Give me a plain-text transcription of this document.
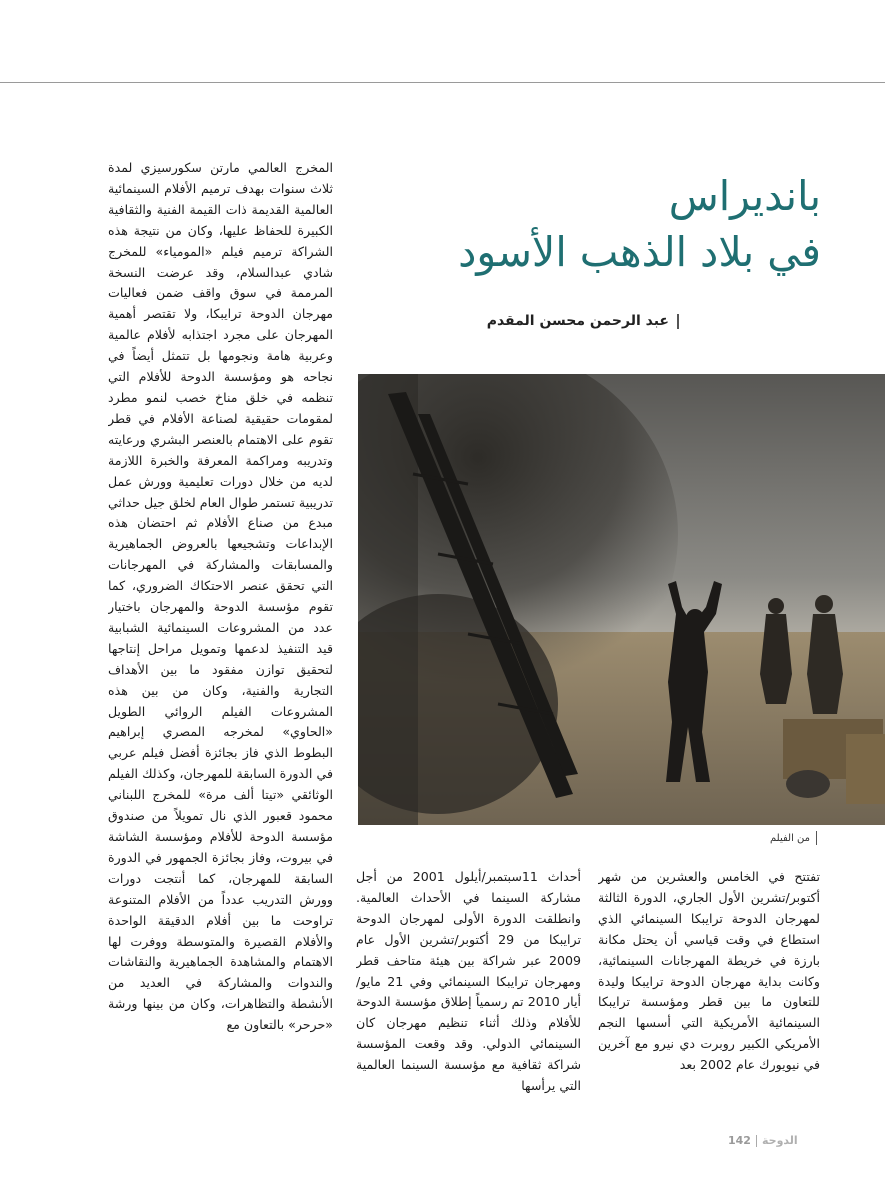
بانديراس
في بلاد الذهب الأسود
عبد الرحمن محسن المقدم
من الفيلم

تفتتح في الخامس والعشرين من شهر أكتوبر/تشرين الأول الجاري، الدورة الثالثة لمهرجان الدوحة ترايبكا السينمائي الذي استطاع في وقت قياسي أن يحتل مكانة بارزة في خريطة المهرجانات السينمائية، وكانت بداية مهرجان الدوحة ترايبكا وليدة للتعاون ما بين قطر ومؤسسة ترايبكا السينمائية الأمريكية التي أسسها النجم الأمريكي الكبير روبرت دي نيرو مع آخرين في نيويورك عام 2002 بعد

أحداث 11سبتمبر/أيلول 2001 من أجل مشاركة السينما في الأحداث العالمية. وانطلقت الدورة الأولى لمهرجان الدوحة ترايبكا من 29 أكتوبر/تشرين الأول عام 2009 عبر شراكة بين هيئة متاحف قطر ومهرجان ترايبكا السينمائي وفي 21 مايو/أيار 2010 تم رسمياً إطلاق مؤسسة الدوحة للأفلام وذلك أثناء تنظيم مهرجان كان السينمائي الدولي. وقد وقعت المؤسسة شراكة ثقافية مع مؤسسة السينما العالمية التي يرأسها

المخرج العالمي مارتن سكورسيزي لمدة ثلاث سنوات بهدف ترميم الأفلام السينمائية العالمية القديمة ذات القيمة الفنية والثقافية الكبيرة للحفاظ عليها، وكان من نتيجة هذه الشراكة ترميم فيلم «المومياء» للمخرج شادي عبدالسلام، وقد عرضت النسخة المرممة في سوق واقف ضمن فعاليات مهرجان الدوحة ترايبكا، ولا تقتصر أهمية المهرجان على مجرد اجتذابه لأفلام عالمية وعربية هامة ونجومها بل تتمثل أيضاً في نجاحه هو ومؤسسة الدوحة للأفلام التي تنظمه في خلق مناخ خصب لنمو مطرد لمقومات حقيقية لصناعة الأفلام في قطر تقوم على الاهتمام بالعنصر البشري ورعايته وتدريبه ومراكمة المعرفة والخبرة اللازمة لديه من خلال دورات تعليمية وورش عمل تدريبية تستمر طوال العام لخلق جيل حداثي مبدع من صناع الأفلام ثم احتضان هذه الإبداعات وتشجيعها بالعروض الجماهيرية والمسابقات والمشاركة في المهرجانات التي تحقق عنصر الاحتكاك الضروري، كما تقوم مؤسسة الدوحة والمهرجان باختيار عدد من المشروعات السينمائية الشبابية قيد التنفيذ لدعمها وتمويل مراحل إنتاجها لتحقيق توازن مفقود ما بين الأهداف التجارية والفنية، وكان من بين هذه المشروعات الفيلم الروائي الطويل «الحاوي» لمخرجه المصري إبراهيم البطوط الذي فاز بجائزة أفضل فيلم عربي في الدورة السابقة للمهرجان، وكذلك الفيلم الوثائقي «تيتا ألف مرة» للمخرج اللبناني محمود قعبور الذي نال تمويلاً من صندوق مؤسسة الدوحة للأفلام ومؤسسة الشاشة في بيروت، وفاز بجائزة الجمهور في الدورة السابقة للمهرجان، كما أنتجت دورات وورش التدريب عدداً من الأفلام المتنوعة تراوحت ما بين أفلام الدقيقة الواحدة والأفلام القصيرة والمتوسطة ووفرت لها الاهتمام والمشاهدة الجماهيرية والنقاشات والندوات والمشاركة في العديد من الأنشطة والتظاهرات، وكان من بينها ورشة «حرحر» بالتعاون مع

الدوحة142
